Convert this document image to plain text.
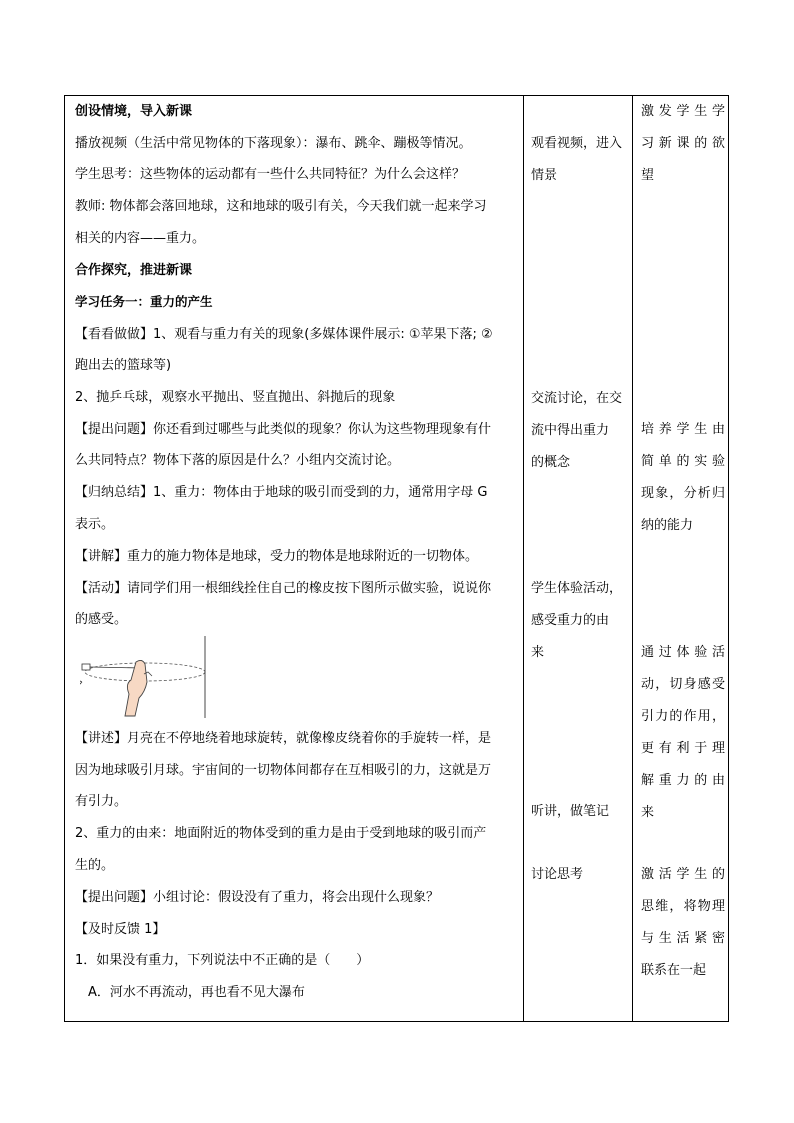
创设情境，导入新课
播放视频（生活中常见物体的下落现象）：瀑布、跳伞、蹦极等情况。
学生思考：这些物体的运动都有一些什么共同特征？为什么会这样？
教师: 物体都会落回地球，这和地球的吸引有关，今天我们就一起来学习
相关的内容——重力。
合作探究，推进新课
学习任务一：重力的产生
【看看做做】1、观看与重力有关的现象(多媒体课件展示: ①苹果下落; ②
跑出去的篮球等)
2、抛乒乓球，观察水平抛出、竖直抛出、斜抛后的现象
【提出问题】你还看到过哪些与此类似的现象？你认为这些物理现象有什
么共同特点？物体下落的原因是什么？小组内交流讨论。
【归纳总结】1、重力：物体由于地球的吸引而受到的力，通常用字母 G
表示。
【讲解】重力的施力物体是地球，受力的物体是地球附近的一切物体。
【活动】请同学们用一根细线拴住自己的橡皮按下图所示做实验，说说你
的感受。
【讲述】月亮在不停地绕着地球旋转，就像橡皮绕着你的手旋转一样，是
因为地球吸引月球。宇宙间的一切物体间都存在互相吸引的力，这就是万
有引力。
2、重力的由来：地面附近的物体受到的重力是由于受到地球的吸引而产
生的。
【提出问题】小组讨论：假设没有了重力，将会出现什么现象？
【及时反馈 1】
1．如果没有重力，下列说法中不正确的是（　　）
　A．河水不再流动，再也看不见大瀑布
观看视频，进入
情景
交流讨论，在交
流中得出重力
的概念
学生体验活动，
感受重力的由
来
听讲，做笔记
讨论思考
激发学生学
习新课的欲
望
培养学生由
简单的实验
现象，分析归
纳的能力
通过体验活
动，切身感受
引力的作用，
更有利于理
解重力的由
来
激活学生的
思维，将物理
与生活紧密
联系在一起
